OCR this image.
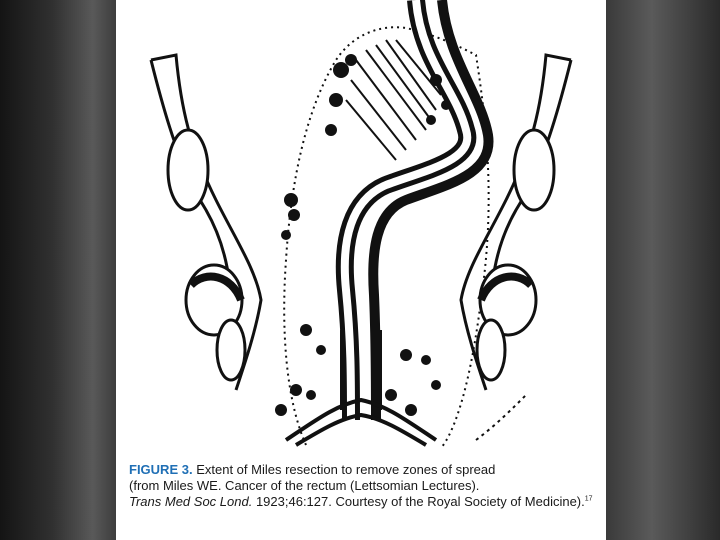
FIGURE 3. Extent of Miles resection to remove zones of spread
(from Miles WE. Cancer of the rectum (Lettsomian Lectures).
Trans Med Soc Lond. 1923;46:127. Courtesy of the Royal Society of Medicine).$^{17}$
